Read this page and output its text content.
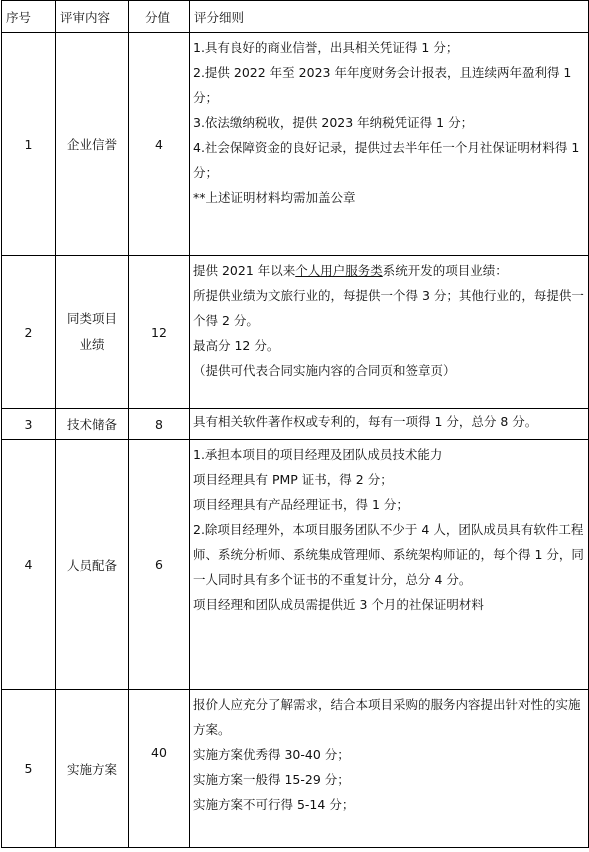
序号	评审内容	分值	评分细则
1	企业信誉	4	1.具有良好的商业信誉，出具相关凭证得 1 分；
2.提供 2022 年至 2023 年年度财务会计报表，且连续两年盈利得 1 分；
3.依法缴纳税收，提供 2023 年纳税凭证得 1 分；
4.社会保障资金的良好记录，提供过去半年任一个月社保证明材料得 1 分；
**上述证明材料均需加盖公章

2	同类项目业绩	12	提供 2021 年以来个人用户服务类系统开发的项目业绩：
所提供业绩为文旅行业的，每提供一个得 3 分；其他行业的，每提供一个得 2 分。
最高分 12 分。
（提供可代表合同实施内容的合同页和签章页）

3	技术储备	8	具有相关软件著作权或专利的，每有一项得 1 分，总分 8 分。

4	人员配备	6	1.承担本项目的项目经理及团队成员技术能力
项目经理具有 PMP 证书，得 2 分；
项目经理具有产品经理证书，得 1 分；
2.除项目经理外，本项目服务团队不少于 4 人，团队成员具有软件工程师、系统分析师、系统集成管理师、系统架构师证的，每个得 1 分，同一人同时具有多个证书的不重复计分，总分 4 分。
项目经理和团队成员需提供近 3 个月的社保证明材料

5	实施方案	40	报价人应充分了解需求，结合本项目采购的服务内容提出针对性的实施方案。
实施方案优秀得 30-40 分；
实施方案一般得 15-29 分；
实施方案不可行得 5-14 分；
